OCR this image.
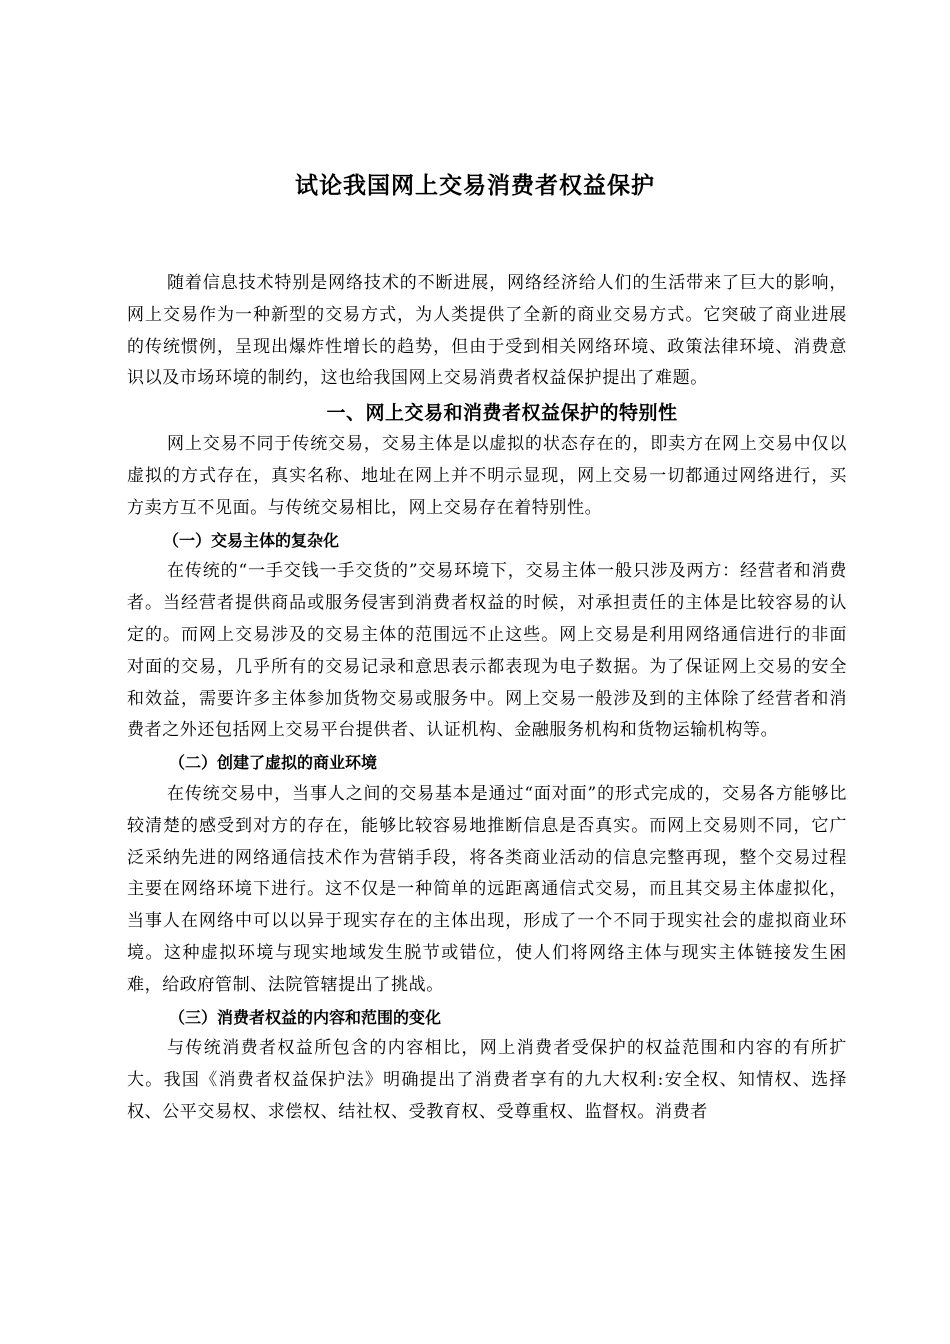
试论我国网上交易消费者权益保护

随着信息技术特别是网络技术的不断进展，网络经济给人们的生活带来了巨大的影响，网上交易作为一种新型的交易方式，为人类提供了全新的商业交易方式。它突破了商业进展的传统惯例，呈现出爆炸性增长的趋势，但由于受到相关网络环境、政策法律环境、消费意识以及市场环境的制约，这也给我国网上交易消费者权益保护提出了难题。

一、网上交易和消费者权益保护的特别性

网上交易不同于传统交易，交易主体是以虚拟的状态存在的，即卖方在网上交易中仅以虚拟的方式存在，真实名称、地址在网上并不明示显现，网上交易一切都通过网络进行，买方卖方互不见面。与传统交易相比，网上交易存在着特别性。

（一）交易主体的复杂化

在传统的“一手交钱一手交货的”交易环境下，交易主体一般只涉及两方：经营者和消费者。当经营者提供商品或服务侵害到消费者权益的时候，对承担责任的主体是比较容易的认定的。而网上交易涉及的交易主体的范围远不止这些。网上交易是利用网络通信进行的非面对面的交易，几乎所有的交易记录和意思表示都表现为电子数据。为了保证网上交易的安全和效益，需要许多主体参加货物交易或服务中。网上交易一般涉及到的主体除了经营者和消费者之外还包括网上交易平台提供者、认证机构、金融服务机构和货物运输机构等。

（二）创建了虚拟的商业环境

在传统交易中，当事人之间的交易基本是通过“面对面”的形式完成的，交易各方能够比较清楚的感受到对方的存在，能够比较容易地推断信息是否真实。而网上交易则不同，它广泛采纳先进的网络通信技术作为营销手段，将各类商业活动的信息完整再现，整个交易过程主要在网络环境下进行。这不仅是一种简单的远距离通信式交易，而且其交易主体虚拟化，当事人在网络中可以以异于现实存在的主体出现，形成了一个不同于现实社会的虚拟商业环境。这种虚拟环境与现实地域发生脱节或错位，使人们将网络主体与现实主体链接发生困难，给政府管制、法院管辖提出了挑战。

（三）消费者权益的内容和范围的变化

与传统消费者权益所包含的内容相比，网上消费者受保护的权益范围和内容的有所扩大。我国《消费者权益保护法》明确提出了消费者享有的九大权利:安全权、知情权、选择权、公平交易权、求偿权、结社权、受教育权、受尊重权、监督权。消费者
